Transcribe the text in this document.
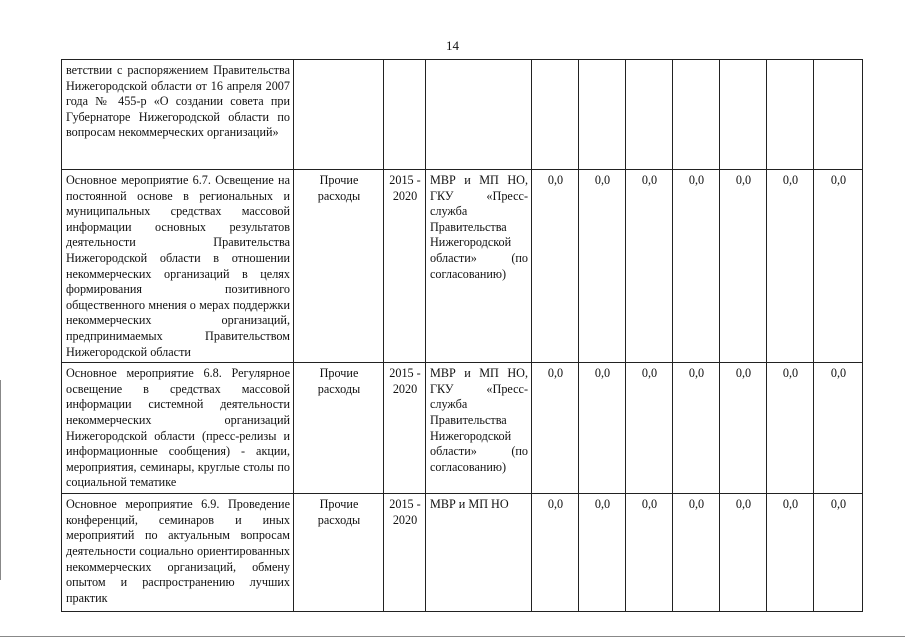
14
ветствии с распоряжением Правительства Нижегородской области от 16 апреля 2007 года № 455-р «О создании совета при Губернаторе Нижегородской области по вопросам некоммерческих организаций»										
Основное мероприятие 6.7. Освещение на постоянной основе в региональных и муниципальных средствах массовой информации основных результатов деятельности Правительства Нижегородской области в отношении некоммерческих организаций в целях формирования позитивного общественного мнения о мерах поддержки некоммерческих организаций, предпринимаемых Правительством Нижегородской области	Прочие расходы	2015 - 2020	МВР и МП НО, ГКУ «Пресс-служба Правительства Нижегородской области» (по согласованию)	0,0	0,0	0,0	0,0	0,0	0,0	0,0
Основное мероприятие 6.8. Регулярное освещение в средствах массовой информации системной деятельности некоммерческих организаций Нижегородской области (пресс-релизы и информационные сообщения) - акции, мероприятия, семинары, круглые столы по социальной тематике	Прочие расходы	2015 - 2020	МВР и МП НО, ГКУ «Пресс-служба Правительства Нижегородской области» (по согласованию)	0,0	0,0	0,0	0,0	0,0	0,0	0,0
Основное мероприятие 6.9. Проведение конференций, семинаров и иных мероприятий по актуальным вопросам деятельности социально ориентированных некоммерческих организаций, обмену опытом и распространению лучших практик	Прочие расходы	2015 - 2020	МВР и МП НО	0,0	0,0	0,0	0,0	0,0	0,0	0,0
